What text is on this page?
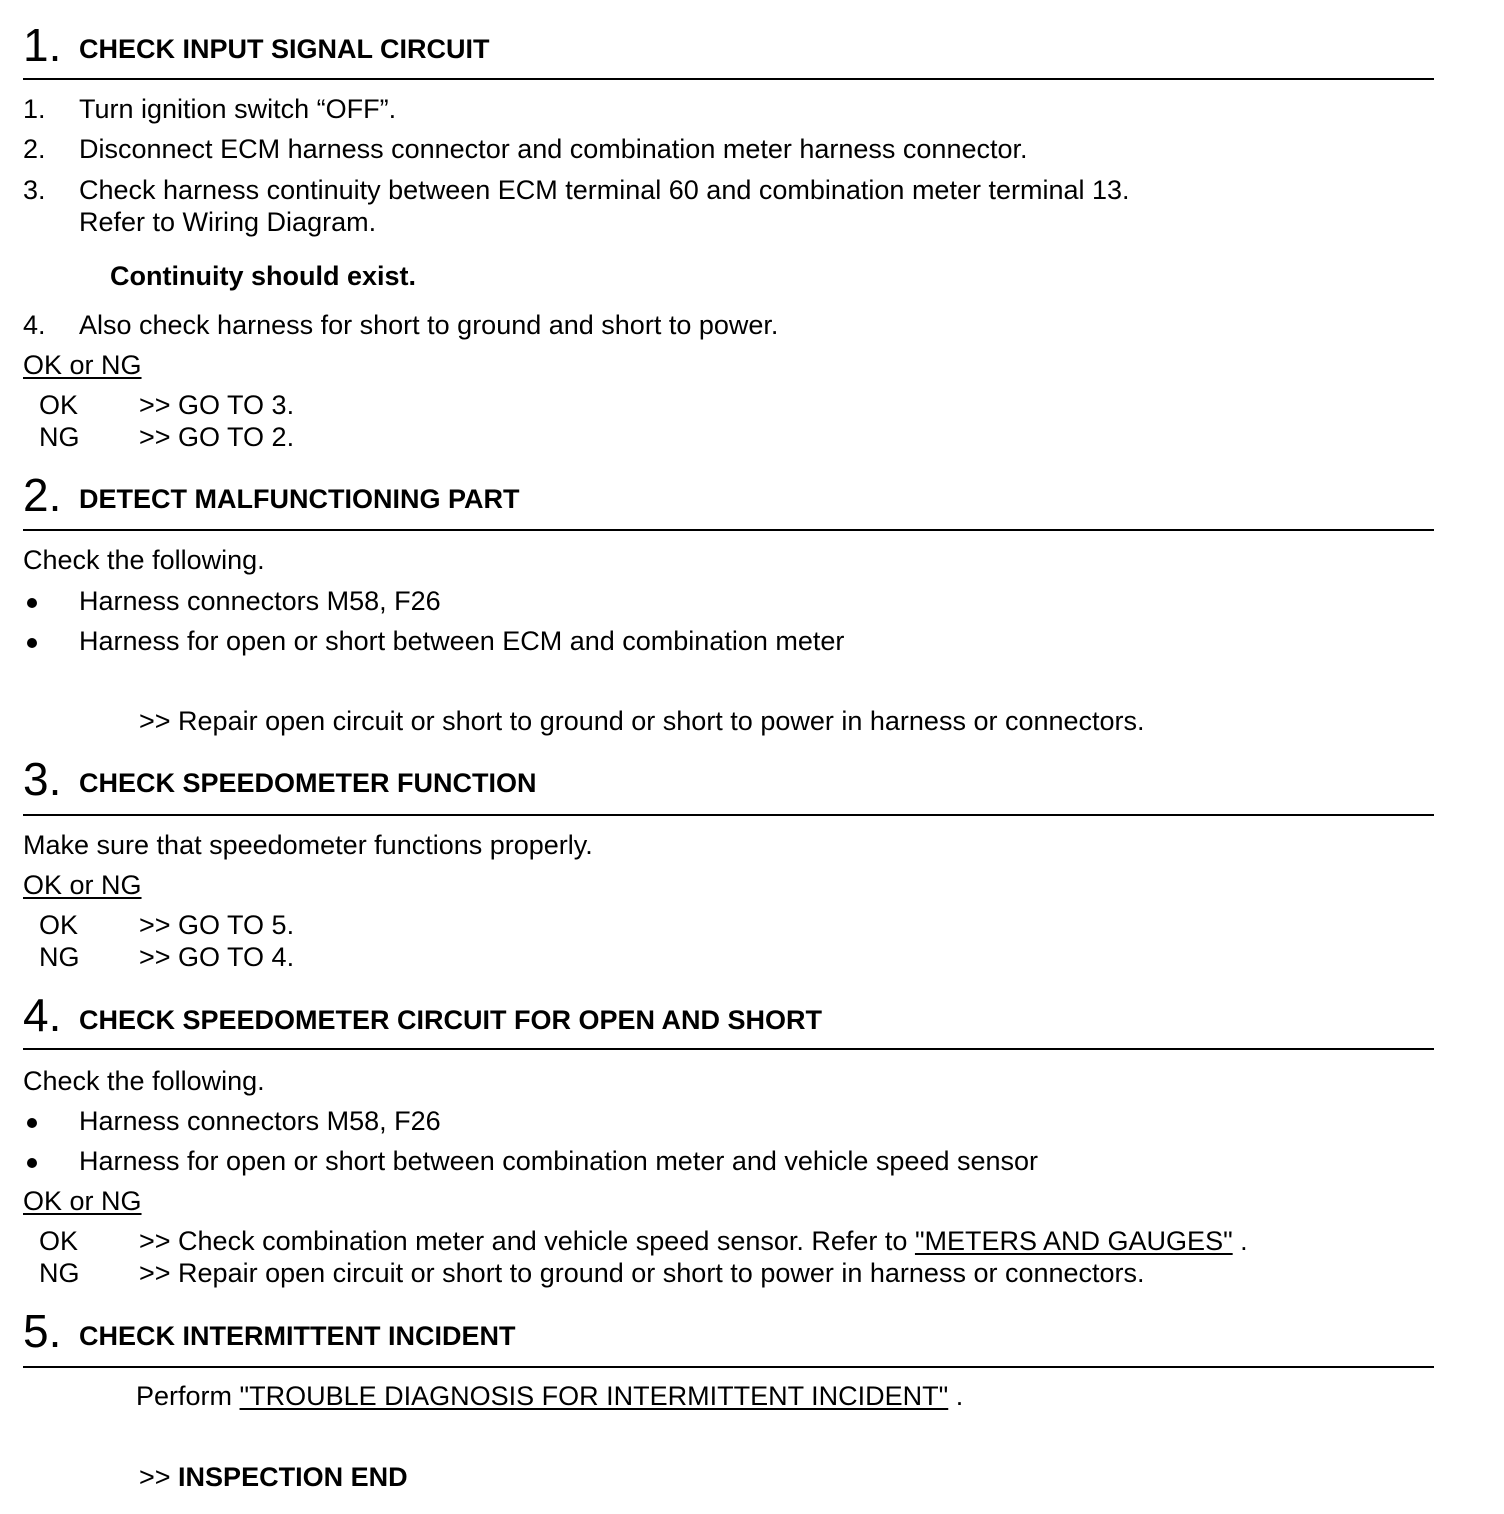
1. CHECK INPUT SIGNAL CIRCUIT
1. Turn ignition switch “OFF”.
2. Disconnect ECM harness connector and combination meter harness connector.
3. Check harness continuity between ECM terminal 60 and combination meter terminal 13.
Refer to Wiring Diagram.
Continuity should exist.
4. Also check harness for short to ground and short to power.
OK or NG
OK >> GO TO 3.
NG >> GO TO 2.
2. DETECT MALFUNCTIONING PART
Check the following.
Harness connectors M58, F26
Harness for open or short between ECM and combination meter
>> Repair open circuit or short to ground or short to power in harness or connectors.
3. CHECK SPEEDOMETER FUNCTION
Make sure that speedometer functions properly.
OK or NG
OK >> GO TO 5.
NG >> GO TO 4.
4. CHECK SPEEDOMETER CIRCUIT FOR OPEN AND SHORT
Check the following.
Harness connectors M58, F26
Harness for open or short between combination meter and vehicle speed sensor
OK or NG
OK >> Check combination meter and vehicle speed sensor. Refer to "METERS AND GAUGES" .
NG >> Repair open circuit or short to ground or short to power in harness or connectors.
5. CHECK INTERMITTENT INCIDENT
Perform "TROUBLE DIAGNOSIS FOR INTERMITTENT INCIDENT" .
>> INSPECTION END
